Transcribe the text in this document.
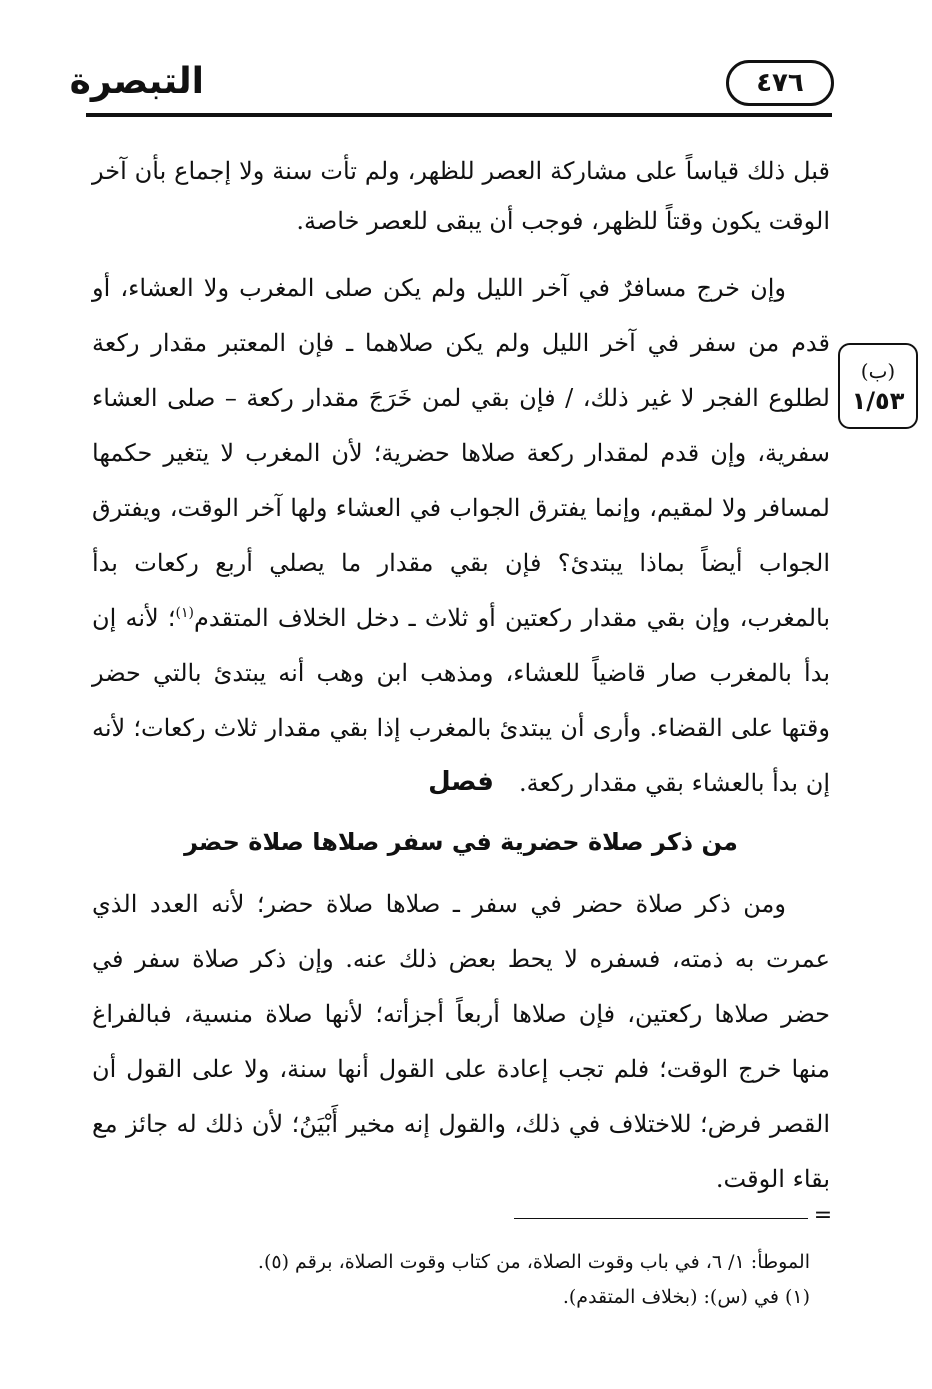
التبصرة	٤٧٦

قبل ذلك قياساً على مشاركة العصر للظهر، ولم تأت سنة ولا إجماع بأن آخر الوقت يكون وقتاً للظهر، فوجب أن يبقى للعصر خاصة.

وإن خرج مسافرٌ في آخر الليل ولم يكن صلى المغرب ولا العشاء، أو قدم من سفر في آخر الليل ولم يكن صلاهما ـ فإن المعتبر مقدار ركعة لطلوع الفجر لا غير ذلك، / فإن بقي لمن خَرَجَ مقدار ركعة – صلى العشاء سفرية، وإن قدم لمقدار ركعة صلاها حضرية؛ لأن المغرب لا يتغير حكمها لمسافر ولا لمقيم، وإنما يفترق الجواب في العشاء ولها آخر الوقت، ويفترق الجواب أيضاً بماذا يبتدئ؟ فإن بقي مقدار ما يصلي أربع ركعات بدأ بالمغرب، وإن بقي مقدار ركعتين أو ثلاث ـ دخل الخلاف المتقدم$^{(١)}$؛ لأنه إن بدأ بالمغرب صار قاضياً للعشاء، ومذهب ابن وهب أنه يبتدئ بالتي حضر وقتها على القضاء. وأرى أن يبتدئ بالمغرب إذا بقي مقدار ثلاث ركعات؛ لأنه إن بدأ بالعشاء بقي مقدار ركعة.

(ب)
١/٥٣
فصل
من ذكر صلاة حضرية في سفر صلاها صلاة حضر

ومن ذكر صلاة حضر في سفر ـ صلاها صلاة حضر؛ لأنه العدد الذي عمرت به ذمته، فسفره لا يحط بعض ذلك عنه. وإن ذكر صلاة سفر في حضر صلاها ركعتين، فإن صلاها أربعاً أجزأته؛ لأنها صلاة منسية، فبالفراغ منها خرج الوقت؛ فلم تجب إعادة على القول أنها سنة، ولا على القول أن القصر فرض؛ للاختلاف في ذلك، والقول إنه مخير أَبْيَنُ؛ لأن ذلك له جائز مع بقاء الوقت.

=

الموطأ: ١/ ٦، في باب وقوت الصلاة، من كتاب وقوت الصلاة، برقم (٥).

(١) في (س): (بخلاف المتقدم).
